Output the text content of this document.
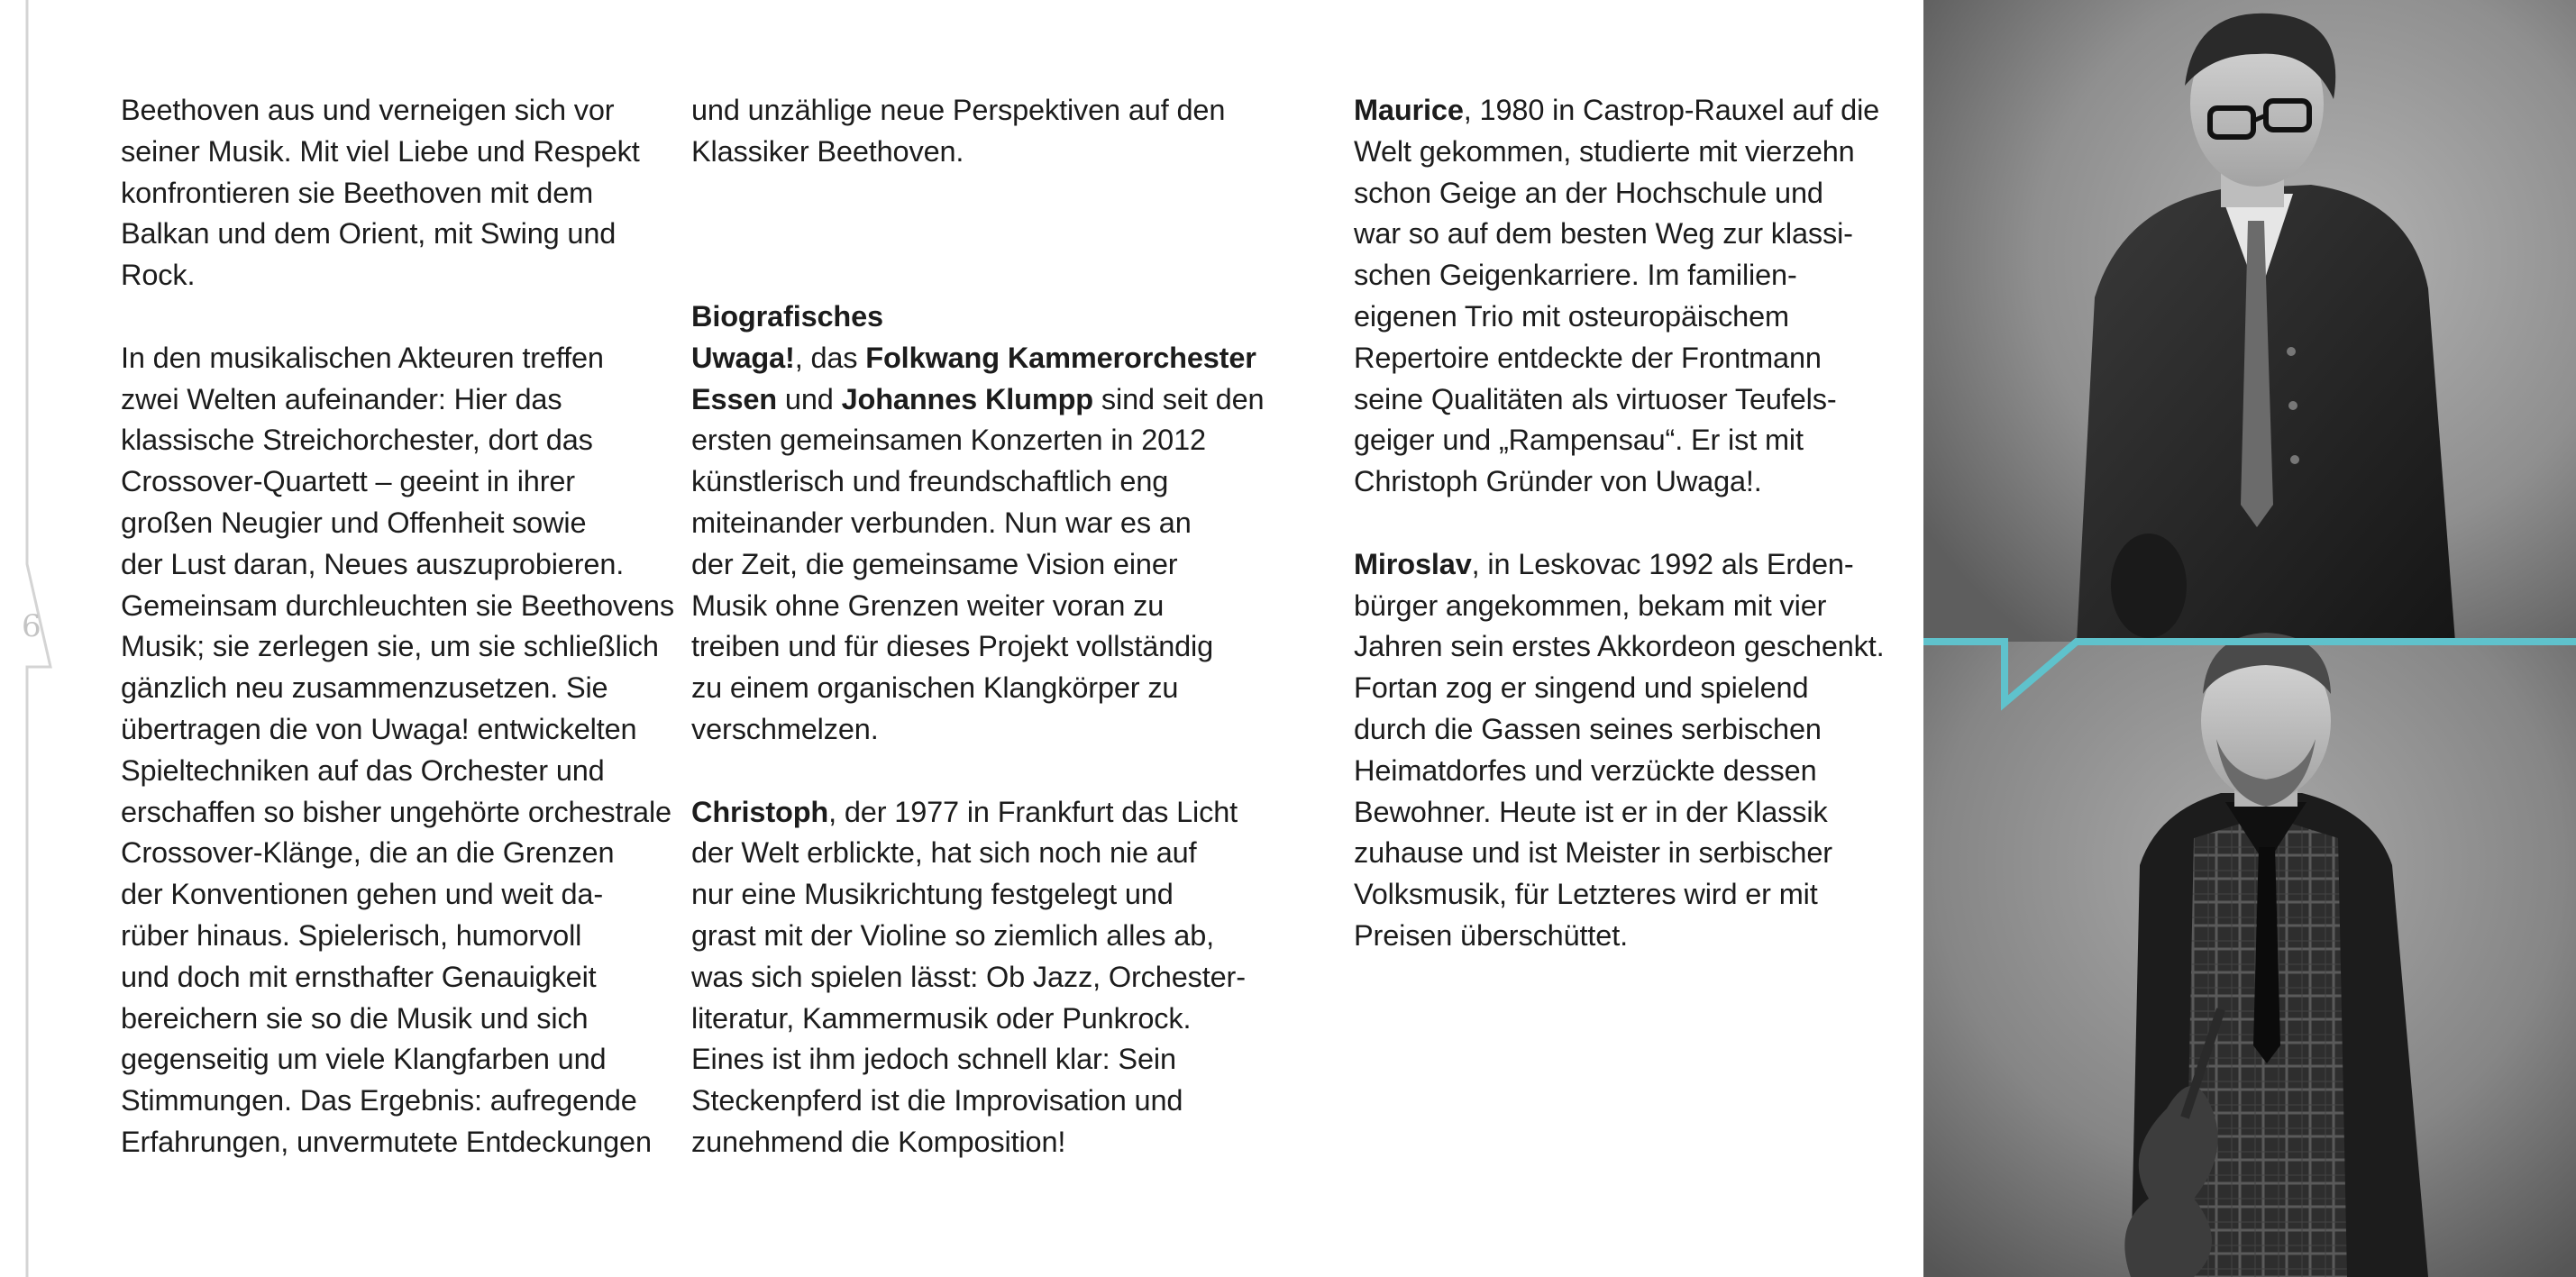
6
Beethoven aus und verneigen sich vor
seiner Musik. Mit viel Liebe und Respekt
konfrontieren sie Beethoven mit dem
Balkan und dem Orient, mit Swing und
Rock.
In den musikalischen Akteuren treffen
zwei Welten aufeinander: Hier das
klassische Streichorchester, dort das
Crossover-Quartett – geeint in ihrer
großen Neugier und Offenheit sowie
der Lust daran, Neues auszuprobieren.
Gemeinsam durchleuchten sie Beethovens
Musik; sie zerlegen sie, um sie schließlich
gänzlich neu zusammenzusetzen. Sie
übertragen die von Uwaga! entwickelten
Spieltechniken auf das Orchester und
erschaffen so bisher ungehörte orchestrale
Crossover-Klänge, die an die Grenzen
der Konventionen gehen und weit da-
rüber hinaus. Spielerisch, humorvoll
und doch mit ernsthafter Genauigkeit
bereichern sie so die Musik und sich
gegenseitig um viele Klangfarben und
Stimmungen. Das Ergebnis: aufregende
Erfahrungen, unvermutete Entdeckungen
und unzählige neue Perspektiven auf den
Klassiker Beethoven.
Biografisches
Uwaga!, das Folkwang Kammerorchester
Essen und Johannes Klumpp sind seit den
ersten gemeinsamen Konzerten in 2012
künstlerisch und freundschaftlich eng
miteinander verbunden. Nun war es an
der Zeit, die gemeinsame Vision einer
Musik ohne Grenzen weiter voran zu
treiben und für dieses Projekt vollständig
zu einem organischen Klangkörper zu
verschmelzen.
Christoph, der 1977 in Frankfurt das Licht
der Welt erblickte, hat sich noch nie auf
nur eine Musikrichtung festgelegt und
grast mit der Violine so ziemlich alles ab,
was sich spielen lässt: Ob Jazz, Orchester-
literatur, Kammermusik oder Punkrock.
Eines ist ihm jedoch schnell klar: Sein
Steckenpferd ist die Improvisation und
zunehmend die Komposition!
Maurice, 1980 in Castrop-Rauxel auf die
Welt gekommen, studierte mit vierzehn
schon Geige an der Hochschule und
war so auf dem besten Weg zur klassi-
schen Geigenkarriere. Im familien-
eigenen Trio mit osteuropäischem
Repertoire entdeckte der Frontmann
seine Qualitäten als virtuoser Teufels-
geiger und „Rampensau“. Er ist mit
Christoph Gründer von Uwaga!.
Miroslav, in Leskovac 1992 als Erden-
bürger angekommen, bekam mit vier
Jahren sein erstes Akkordeon geschenkt.
Fortan zog er singend und spielend
durch die Gassen seines serbischen
Heimatdorfes und verzückte dessen
Bewohner. Heute ist er in der Klassik
zuhause und ist Meister in serbischer
Volksmusik, für Letzteres wird er mit
Preisen überschüttet.
